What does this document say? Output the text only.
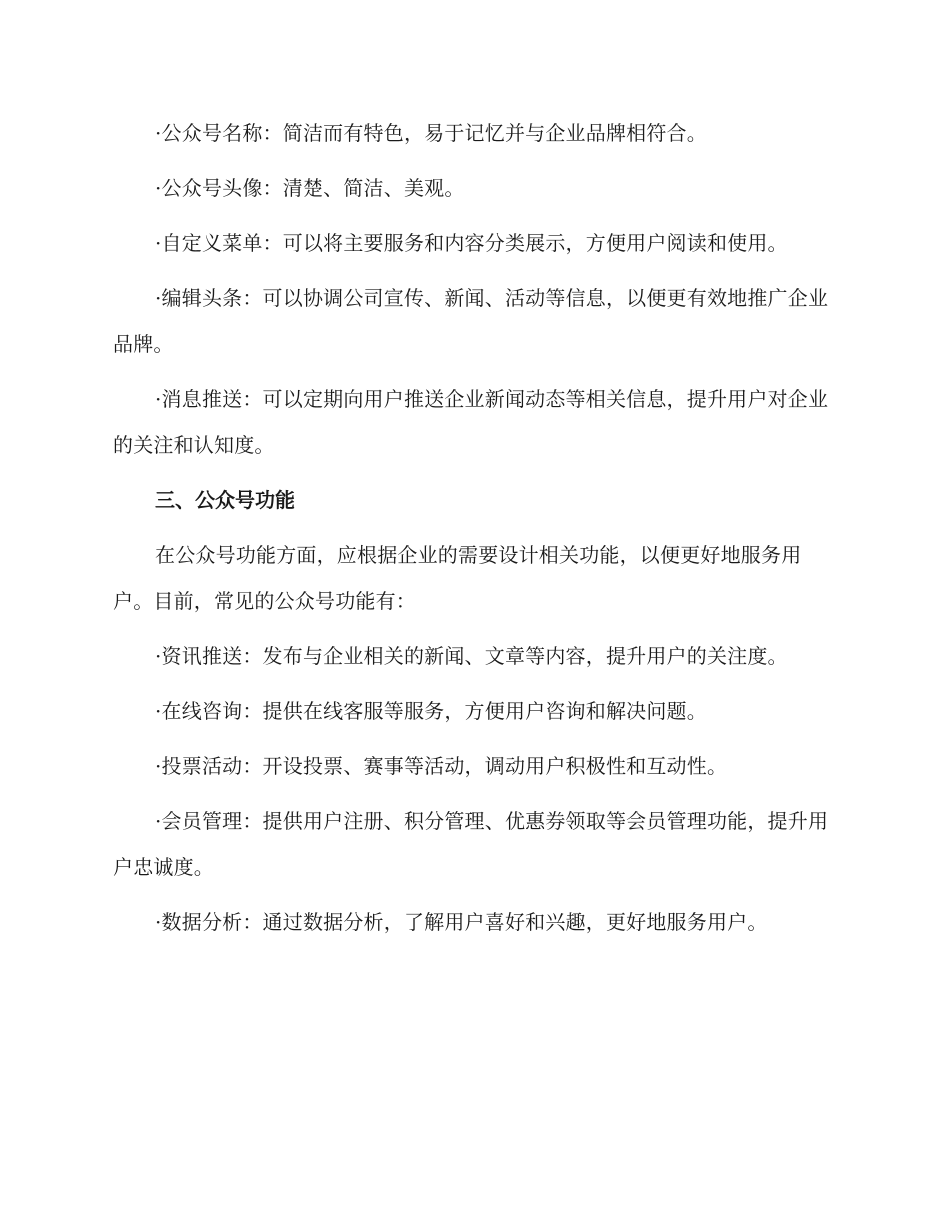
·公众号名称：简洁而有特色，易于记忆并与企业品牌相符合。

·公众号头像：清楚、简洁、美观。

·自定义菜单：可以将主要服务和内容分类展示，方便用户阅读和使用。

·编辑头条：可以协调公司宣传、新闻、活动等信息，以便更有效地推广企业品牌。

·消息推送：可以定期向用户推送企业新闻动态等相关信息，提升用户对企业的关注和认知度。

三、公众号功能

在公众号功能方面，应根据企业的需要设计相关功能，以便更好地服务用户。目前，常见的公众号功能有：

·资讯推送：发布与企业相关的新闻、文章等内容，提升用户的关注度。

·在线咨询：提供在线客服等服务，方便用户咨询和解决问题。

·投票活动：开设投票、赛事等活动，调动用户积极性和互动性。

·会员管理：提供用户注册、积分管理、优惠券领取等会员管理功能，提升用户忠诚度。

·数据分析：通过数据分析，了解用户喜好和兴趣，更好地服务用户。
